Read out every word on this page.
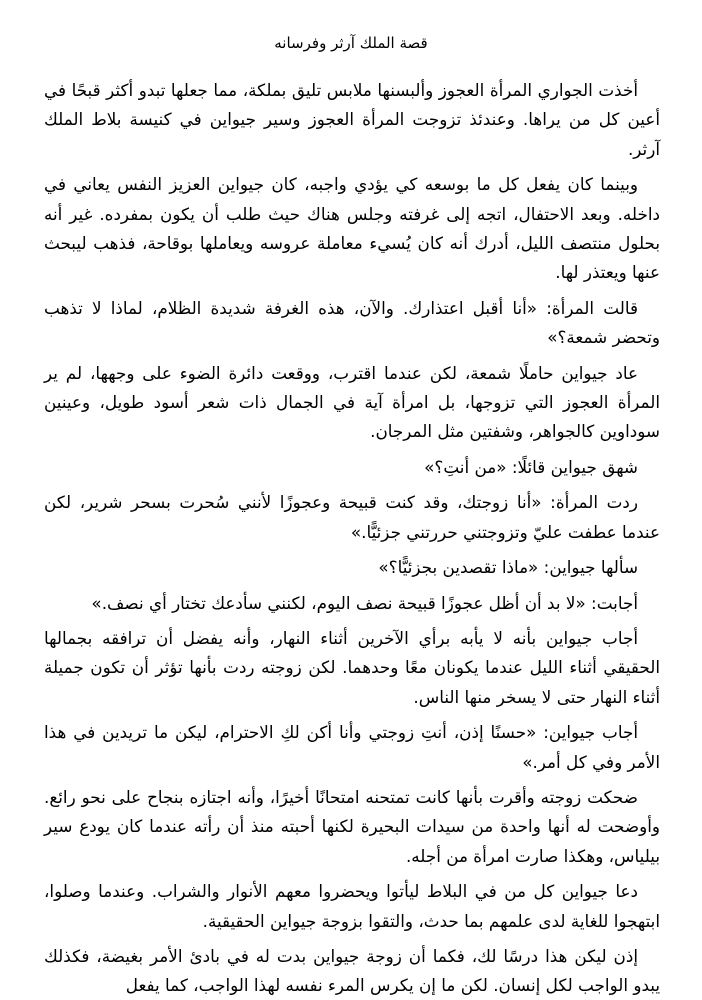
قصة الملك آرثر وفرسانه

أخذت الجواري المرأة العجوز وألبسنها ملابس تليق بملكة، مما جعلها تبدو أكثر قبحًا في أعين كل من يراها. وعندئذ تزوجت المرأة العجوز وسير جيواين في كنيسة بلاط الملك آرثر.

وبينما كان يفعل كل ما بوسعه كي يؤدي واجبه، كان جيواين العزيز النفس يعاني في داخله. وبعد الاحتفال، اتجه إلى غرفته وجلس هناك حيث طلب أن يكون بمفرده. غير أنه بحلول منتصف الليل، أدرك أنه كان يُسيء معاملة عروسه ويعاملها بوقاحة، فذهب ليبحث عنها ويعتذر لها.

قالت المرأة: «أنا أقبل اعتذارك. والآن، هذه الغرفة شديدة الظلام، لماذا لا تذهب وتحضر شمعة؟»

عاد جيواين حاملًا شمعة، لكن عندما اقترب، ووقعت دائرة الضوء على وجهها، لم ير المرأة العجوز التي تزوجها، بل امرأة آية في الجمال ذات شعر أسود طويل، وعينين سوداوين كالجواهر، وشفتين مثل المرجان.

شهق جيواين قائلًا: «من أنتِ؟»

ردت المرأة: «أنا زوجتك، وقد كنت قبيحة وعجوزًا لأنني سُحرت بسحر شرير، لكن عندما عطفت عليّ وتزوجتني حررتني جزئيًّا.»

سألها جيواين: «ماذا تقصدين بجزئيًّا؟»

أجابت: «لا بد أن أظل عجوزًا قبيحة نصف اليوم، لكنني سأدعك تختار أي نصف.»

أجاب جيواين بأنه لا يأبه برأي الآخرين أثناء النهار، وأنه يفضل أن ترافقه بجمالها الحقيقي أثناء الليل عندما يكونان معًا وحدهما. لكن زوجته ردت بأنها تؤثر أن تكون جميلة أثناء النهار حتى لا يسخر منها الناس.

أجاب جيواين: «حسنًا إذن، أنتِ زوجتي وأنا أكن لكِ الاحترام، ليكن ما تريدين في هذا الأمر وفي كل أمر.»

ضحكت زوجته وأقرت بأنها كانت تمتحنه امتحانًا أخيرًا، وأنه اجتازه بنجاح على نحو رائع. وأوضحت له أنها واحدة من سيدات البحيرة لكنها أحبته منذ أن رأته عندما كان يودع سير بيلياس، وهكذا صارت امرأة من أجله.

دعا جيواين كل من في البلاط ليأتوا ويحضروا معهم الأنوار والشراب. وعندما وصلوا، ابتهجوا للغاية لدى علمهم بما حدث، والتقوا بزوجة جيواين الحقيقية.

إذن ليكن هذا درسًا لك، فكما أن زوجة جيواين بدت له في بادئ الأمر بغيضة، فكذلك يبدو الواجب لكل إنسان. لكن ما إن يكرس المرء نفسه لهذا الواجب، كما يفعل
